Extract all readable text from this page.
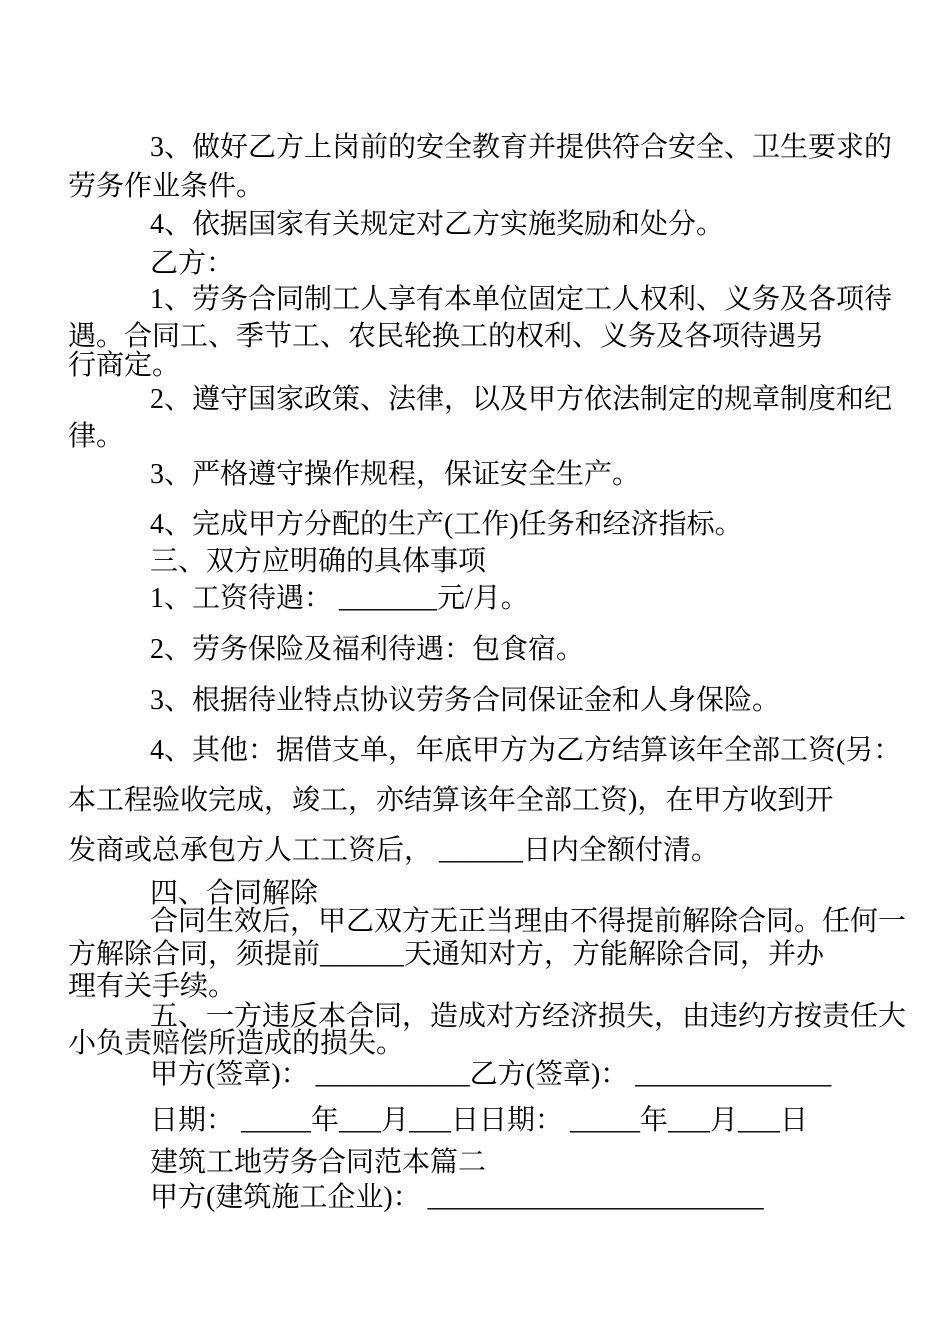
3、做好乙方上岗前的安全教育并提供符合安全、卫生要求的
劳务作业条件。
4、依据国家有关规定对乙方实施奖励和处分。
乙方：
1、劳务合同制工人享有本单位固定工人权利、义务及各项待
遇。合同工、季节工、农民轮换工的权利、义务及各项待遇另
行商定。
2、遵守国家政策、法律，以及甲方依法制定的规章制度和纪
律。
3、严格遵守操作规程，保证安全生产。
4、完成甲方分配的生产(工作)任务和经济指标。
三、双方应明确的具体事项
1、工资待遇： _______元/月。
2、劳务保险及福利待遇：包食宿。
3、根据待业特点协议劳务合同保证金和人身保险。
4、其他：据借支单，年底甲方为乙方结算该年全部工资(另：
本工程验收完成，竣工，亦结算该年全部工资)，在甲方收到开
发商或总承包方人工工资后， ______日内全额付清。
四、合同解除
合同生效后，甲乙双方无正当理由不得提前解除合同。任何一
方解除合同，须提前______天通知对方，方能解除合同，并办
理有关手续。
五、一方违反本合同，造成对方经济损失，由违约方按责任大
小负责赔偿所造成的损失。
甲方(签章)： ___________乙方(签章)： ______________
日期： _____年___月___日日期： _____年___月___日
建筑工地劳务合同范本篇二
甲方(建筑施工企业)： ________________________
